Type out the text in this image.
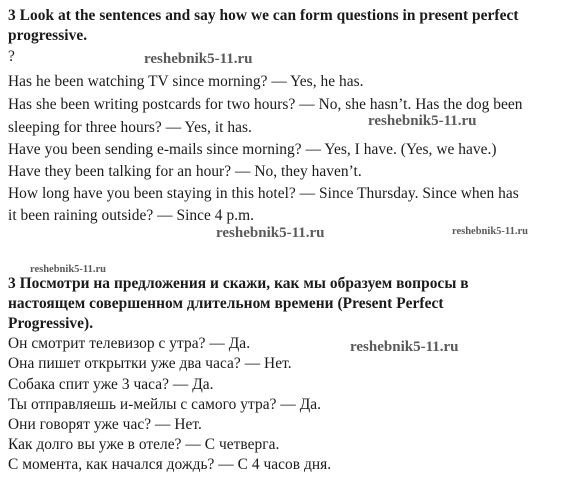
3 Look at the sentences and say how we can form questions in present perfect
progressive.
?
Has he been watching TV since morning? — Yes, he has.
Has she been writing postcards for two hours? — No, she hasn’t. Has the dog been
sleeping for three hours? — Yes, it has.
Have you been sending e-mails since morning? — Yes, I have. (Yes, we have.)
Have they been talking for an hour? — No, they haven’t.
How long have you been staying in this hotel? — Since Thursday. Since when has
it been raining outside? — Since 4 p.m.
3 Посмотри на предложения и скажи, как мы образуем вопросы в
настоящем совершенном длительном времени (Present Perfect
Progressive).
Он смотрит телевизор с утра? — Да.
Она пишет открытки уже два часа? — Нет.
Собака спит уже 3 часа? — Да.
Ты отправляешь и-мейлы с самого утра? — Да.
Они говорят уже час? — Нет.
Как долго вы уже в отеле? — С четверга.
С момента, как начался дождь? — С 4 часов дня.
reshebnik5-11.ru
reshebnik5-11.ru
reshebnik5-11.ru	reshebnik5-11.ru
reshebnik5-11.ru
reshebnik5-11.ru
